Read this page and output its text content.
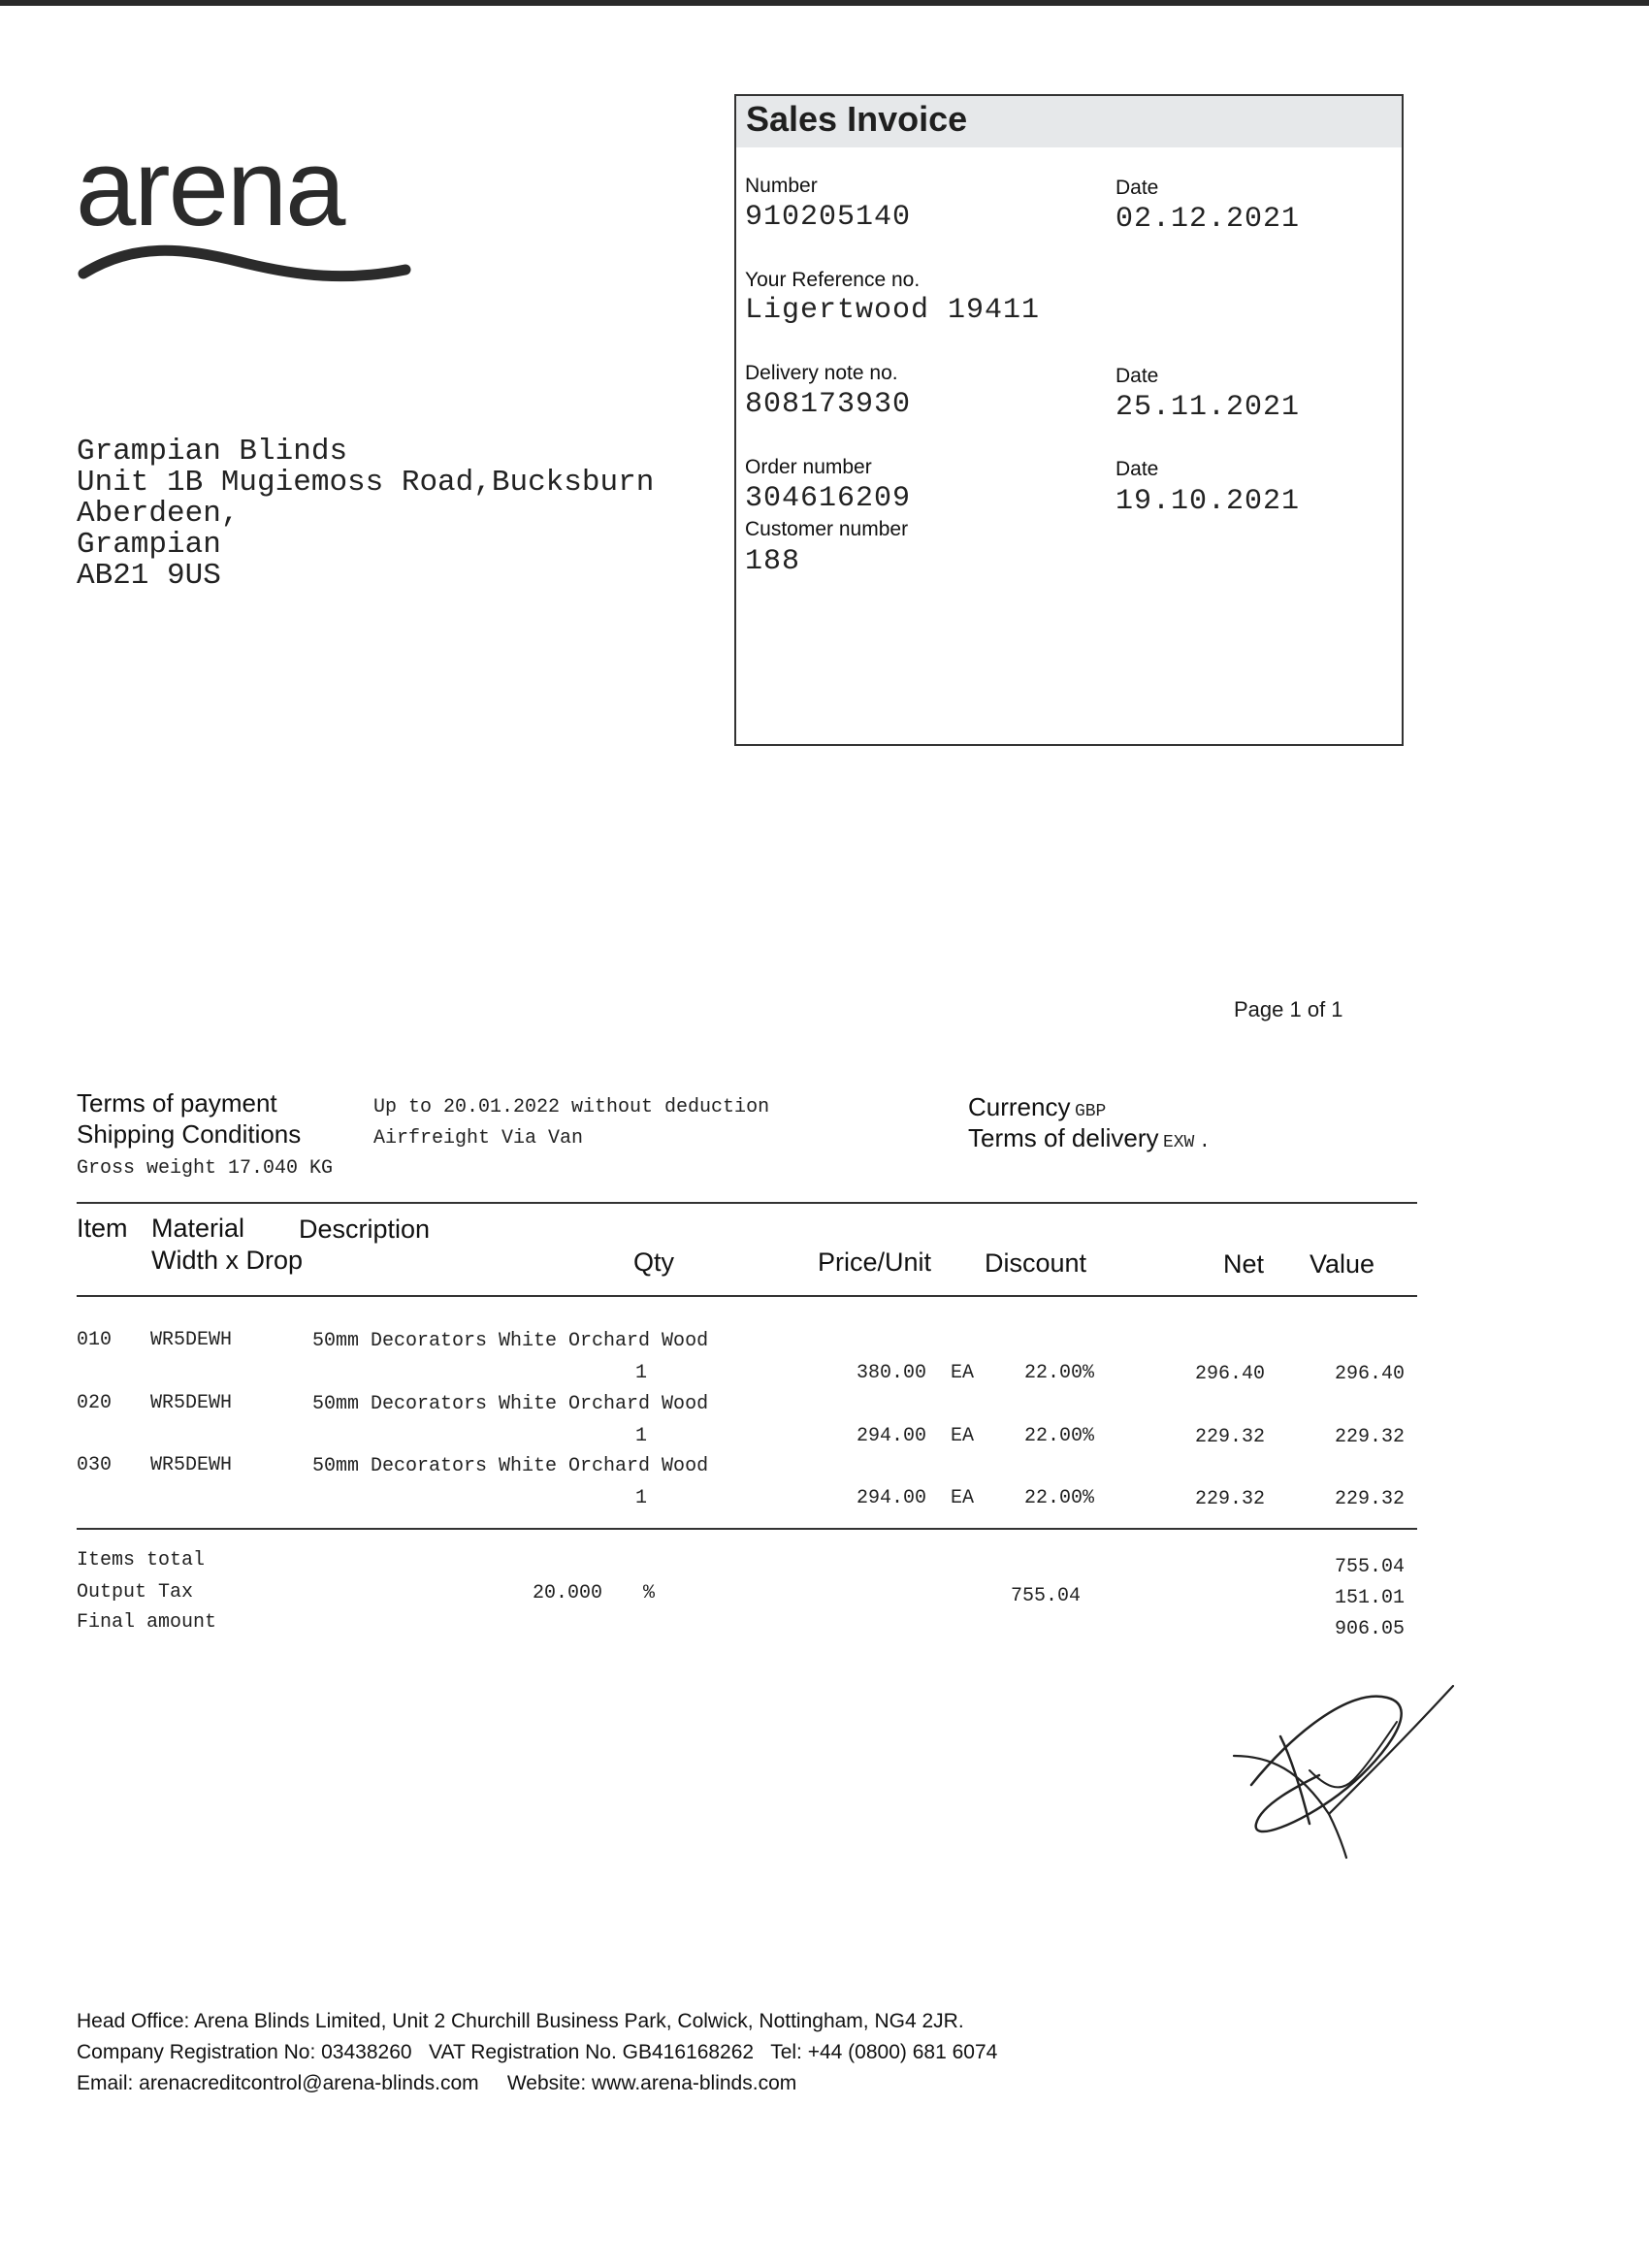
arena
Grampian Blinds
Unit 1B Mugiemoss Road,Bucksburn
Aberdeen,
Grampian
AB21 9US
Sales Invoice
Number
910205140
Date
02.12.2021
Your Reference no.
Ligertwood 19411
Delivery note no.
808173930
Date
25.11.2021
Order number
304616209
Date
19.10.2021
Customer number
188
Page 1 of 1
Terms of payment	Up to 20.01.2022 without deduction
Shipping Conditions	Airfreight Via Van
Gross weight 17.040 KG
Currency GBP
Terms of delivery EXW .
Item Material Description
Width x Drop	Qty	Price/Unit Discount	Net Value
010 WR5DEWH	50mm Decorators White Orchard Wood
1	380.00 EA	22.00%	296.40	296.40
020 WR5DEWH	50mm Decorators White Orchard Wood
1	294.00 EA	22.00%	229.32	229.32
030 WR5DEWH	50mm Decorators White Orchard Wood
1	294.00 EA	22.00%	229.32	229.32
Items total	755.04
Output Tax	20.000 %	755.04	151.01
Final amount	906.05
Head Office: Arena Blinds Limited, Unit 2 Churchill Business Park, Colwick, Nottingham, NG4 2JR.
Company Registration No: 03438260   VAT Registration No. GB416168262   Tel: +44 (0800) 681 6074
Email: arenacreditcontrol@arena-blinds.com     Website: www.arena-blinds.com
